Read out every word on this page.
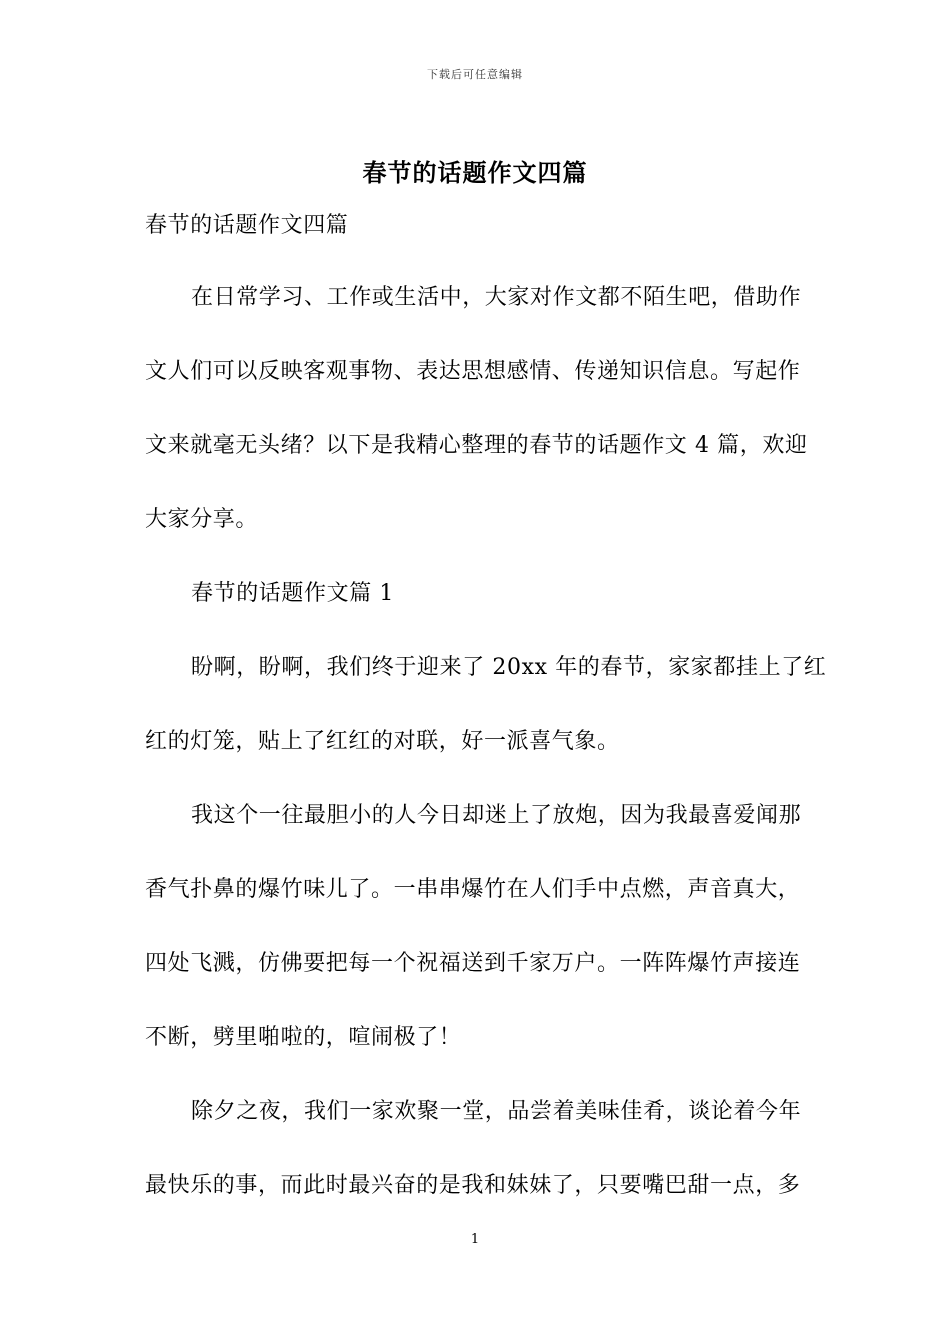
下载后可任意编辑
春节的话题作文四篇
春节的话题作文四篇
在日常学习、工作或生活中，大家对作文都不陌生吧，借助作
文人们可以反映客观事物、表达思想感情、传递知识信息。写起作
文来就毫无头绪？以下是我精心整理的春节的话题作文 4 篇，欢迎
大家分享。
春节的话题作文篇 1
盼啊，盼啊，我们终于迎来了 20xx 年的春节，家家都挂上了红
红的灯笼，贴上了红红的对联，好一派喜气象。
我这个一往最胆小的人今日却迷上了放炮，因为我最喜爱闻那
香气扑鼻的爆竹味儿了。一串串爆竹在人们手中点燃，声音真大，
四处飞溅，仿佛要把每一个祝福送到千家万户。一阵阵爆竹声接连
不断，劈里啪啦的，喧闹极了！
除夕之夜，我们一家欢聚一堂，品尝着美味佳肴，谈论着今年
最快乐的事，而此时最兴奋的是我和妹妹了，只要嘴巴甜一点，多
1
